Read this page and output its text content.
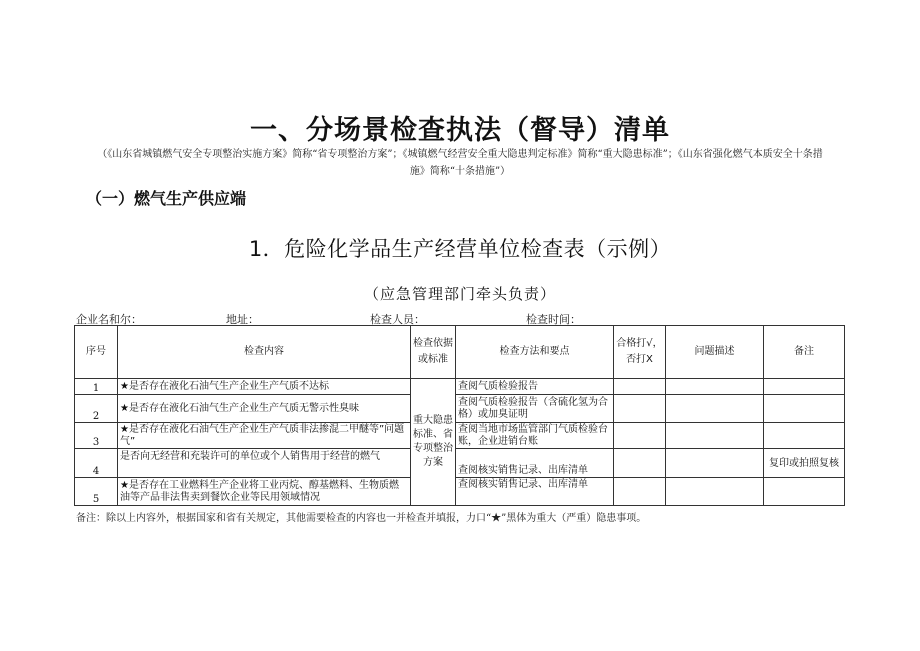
一、分场景检查执法（督导）清单
（《山东省城镇燃气安全专项整治实施方案》简称“省专项整治方案”；《城镇燃气经营安全重大隐患判定标准》简称“重大隐患标准”；《山东省强化燃气本质安全十条措
施》简称“十条措施”）
（一）燃气生产供应端
1．危险化学品生产经营单位检查表（示例）
（应急管理部门牵头负责）
企业名和尔：	地址：	检查人员：	检查时间：
序号	检查内容	检查依据或标准	检查方法和要点	合格打√，否打X	问题描述	备注
1	★是否存在液化石油气生产企业生产气质不达标	重大隐患标准、省专项整治方案	查阅气质检验报告			
2	★是否存在液化石油气生产企业生产气质无警示性臭味		查阅气质检验报告（含硫化氢为合格）或加臭证明			
3	★是否存在液化石油气生产企业生产气质非法掺混二甲醚等”问题气”		查阅当地市场监管部门气质检验台账，企业进销台账			
4	是否向无经营和充装许可的单位或个人销售用于经营的燃气		查阅核实销售记录、出库清单			复印或拍照复核
5	★是否存在工业燃料生产企业将工业丙烷、醇基燃料、生物质燃油等产品非法售卖到餐饮企业等民用领域情况		查阅核实销售记录、出库清单			
备注：除以上内容外，根据国家和省有关规定，其他需要检查的内容也一并检查并填报，力口“★”黑体为重大（严重）隐患事项。
